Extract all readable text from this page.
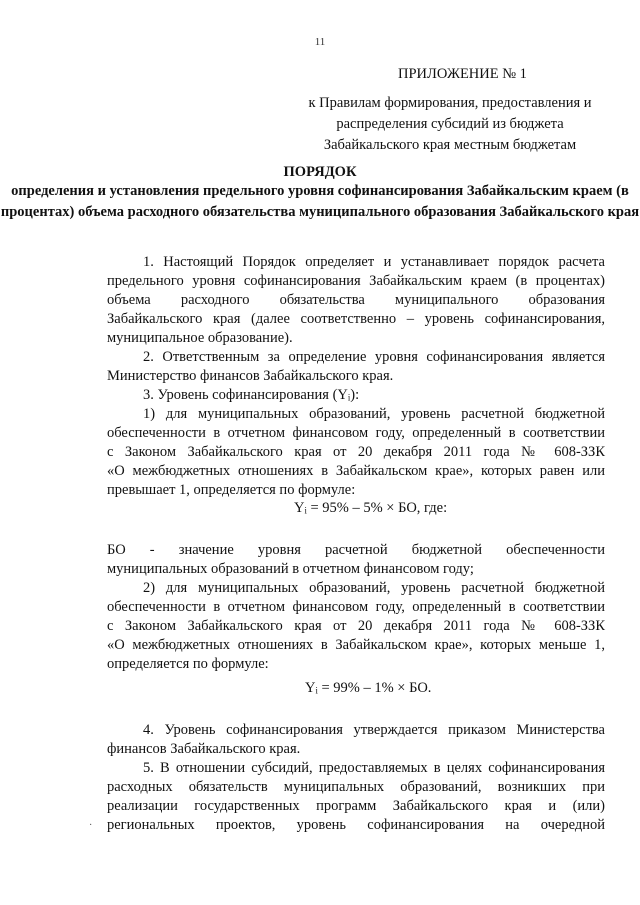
11
ПРИЛОЖЕНИЕ № 1
к Правилам формирования, предоставления и распределения субсидий из бюджета Забайкальского края местным бюджетам
ПОРЯДОК
определения и установления предельного уровня софинансирования Забайкальским краем (в процентах) объема расходного обязательства муниципального образования Забайкальского края

1. Настоящий Порядок определяет и устанавливает порядок расчета

предельного уровня софинансирования Забайкальским краем (в процентах)

объема расходного обязательства муниципального образования

Забайкальского края (далее соответственно – уровень софинансирования,

муниципальное образование).

2. Ответственным за определение уровня софинансирования является

Министерство финансов Забайкальского края.

3. Уровень софинансирования (Yᵢ):

1) для муниципальных образований, уровень расчетной бюджетной

обеспеченности в отчетном финансовом году, определенный в соответствии

с Законом Забайкальского края от 20 декабря 2011 года № 608-ЗЗК

«О межбюджетных отношениях в Забайкальском крае», которых равен или

превышает 1, определяется по формуле:

БО - значение уровня расчетной бюджетной обеспеченности

муниципальных образований в отчетном финансовом году;

2) для муниципальных образований, уровень расчетной бюджетной

обеспеченности в отчетном финансовом году, определенный в соответствии

с Законом Забайкальского края от 20 декабря 2011 года № 608-ЗЗК

«О межбюджетных отношениях в Забайкальском крае», которых меньше 1,

определяется по формуле:

4. Уровень софинансирования утверждается приказом Министерства

финансов Забайкальского края.

5. В отношении субсидий, предоставляемых в целях софинансирования

расходных обязательств муниципальных образований, возникших при

реализации государственных программ Забайкальского края и (или)

региональных проектов, уровень софинансирования на очередной

Yᵢ = 95% – 5% × БО, где:
Yᵢ = 99% – 1% × БО.
·
